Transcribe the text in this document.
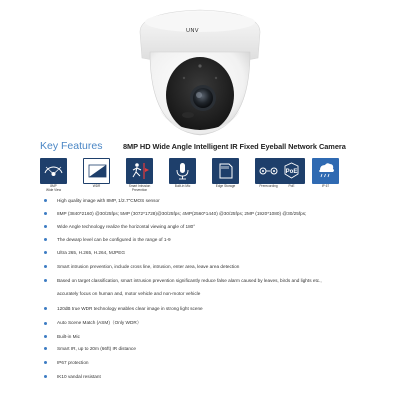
UNV
Key Features	8MP HD Wide Angle Intelligent IR Fixed Eyeball Network Camera
8MP
Wide View
WDR	Smart Intrusion
Prevention
Built-in Mic	Edge Storage	Prerecording
PoE
PoE	IP 67
High quality image with 8MP, 1/2.7"CMOS sensor
8MP (3840*2160) @30/25fps; 5MP (3072*1728)@30/25fps; 4MP(2560*1440) @30/25fps; 2MP (1920*1080) @30/25fps;
Wide Angle technology realize the horizontal viewing angle of 180°
The dewarp level can be configured in the range of 1-9
Ultra 265, H.265, H.264, MJPEG
Smart intrusion prevention, include cross line, intrusion, enter area, leave area detection
Based on target classification, smart intrusion prevention significantly reduce false alarm caused by leaves, birds and lights etc.,
accurately focus on human and, motor vehicle and non-motor vehicle
120dB true WDR technology enables clear image in strong light scene
Auto Scene Match (ASM)（Only WDR）
Built-in Mic
Smart IR, up to 20m (66ft) IR distance
IP67 protection
IK10 vandal resistant
